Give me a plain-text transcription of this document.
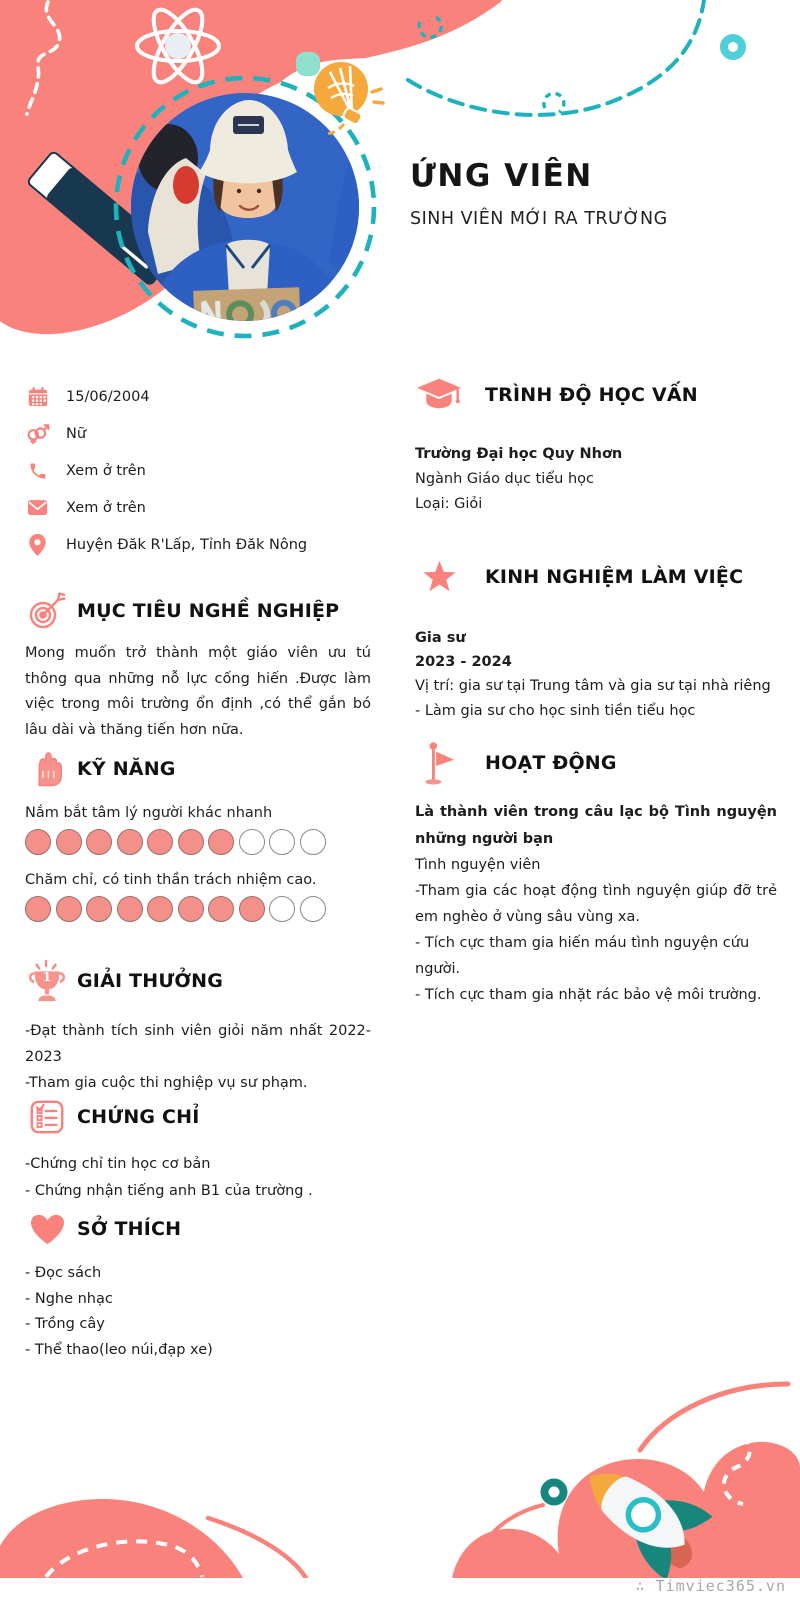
ỨNG VIÊN
SINH VIÊN MỚI RA TRƯỜNG
15/06/2004
Nữ
Xem ở trên
Xem ở trên
Huyện Đăk R'Lấp, Tỉnh Đăk Nông
MỤC TIÊU NGHỀ NGHIỆP

Mong muốn trở thành một giáo viên ưu tú thông qua những nỗ lực cống hiến .Được làm việc trong môi trường ổn định ,có thể gắn bó lâu dài và thăng tiến hơn nữa.

KỸ NĂNG
Nắm bắt tâm lý người khác nhanh
Chăm chỉ, có tinh thần trách nhiệm cao.
1 GIẢI THƯỞNG

-Đạt thành tích sinh viên giỏi năm nhất 2022-2023

-Tham gia cuộc thi nghiệp vụ sư phạm.

CHỨNG CHỈ

-Chứng chỉ tin học cơ bản

- Chứng nhận tiếng anh B1 của trường .

SỞ THÍCH

- Đọc sách

- Nghe nhạc

- Trồng cây

- Thể thao(leo núi,đạp xe)

TRÌNH ĐỘ HỌC VẤN

Trường Đại học Quy Nhơn

Ngành Giáo dục tiểu học

Loại: Giỏi

KINH NGHIỆM LÀM VIỆC

Gia sư

2023 - 2024

Vị trí: gia sư tại Trung tâm và gia sư tại nhà riêng

- Làm gia sư cho học sinh tiền tiểu học

HOẠT ĐỘNG

Là thành viên trong câu lạc bộ Tình nguyện những người bạn

Tình nguyện viên

-Tham gia các hoạt động tình nguyện giúp đỡ trẻ em nghèo ở vùng sâu vùng xa.

- Tích cực tham gia hiến máu tình nguyện cứu người.

- Tích cực tham gia nhặt rác bảo vệ môi trường.

∴ Timviec365.vn
